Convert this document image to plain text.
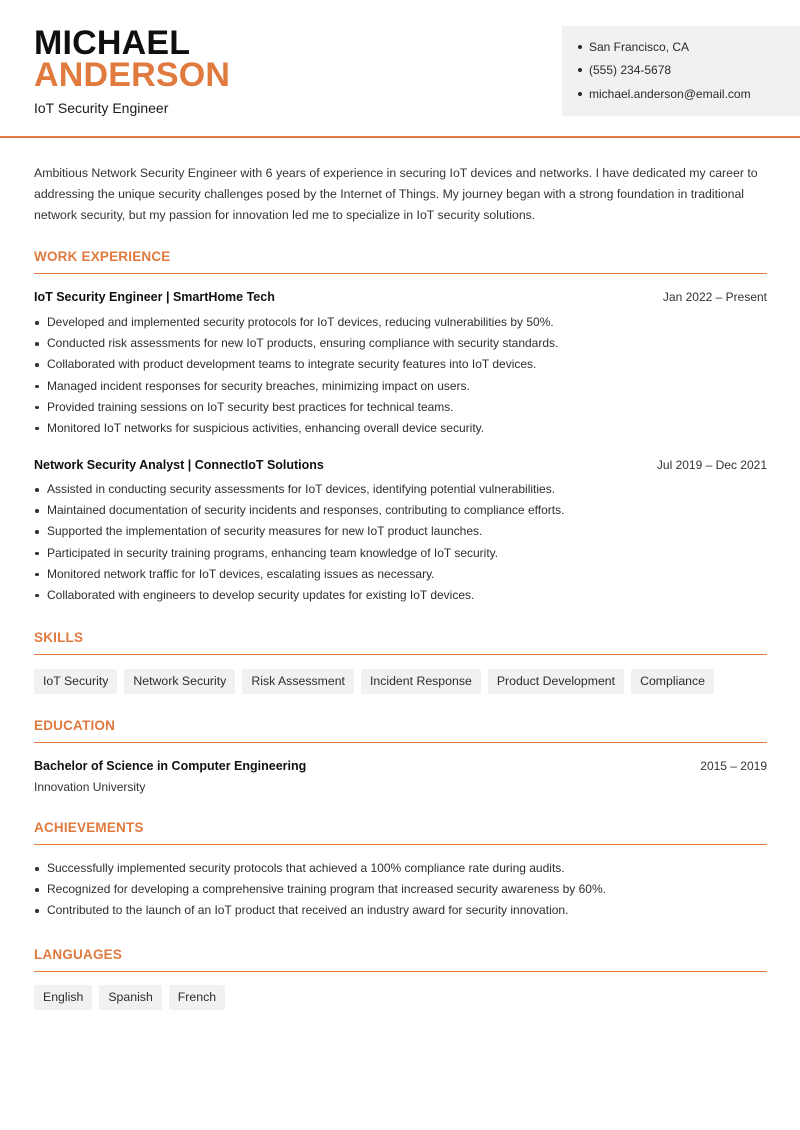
MICHAEL
ANDERSON
IoT Security Engineer
San Francisco, CA
(555) 234-5678
michael.anderson@email.com
Ambitious Network Security Engineer with 6 years of experience in securing IoT devices and networks. I have dedicated my career to addressing the unique security challenges posed by the Internet of Things. My journey began with a strong foundation in traditional network security, but my passion for innovation led me to specialize in IoT security solutions.
WORK EXPERIENCE
IoT Security Engineer | SmartHome Tech	Jan 2022 – Present
Developed and implemented security protocols for IoT devices, reducing vulnerabilities by 50%.
Conducted risk assessments for new IoT products, ensuring compliance with security standards.
Collaborated with product development teams to integrate security features into IoT devices.
Managed incident responses for security breaches, minimizing impact on users.
Provided training sessions on IoT security best practices for technical teams.
Monitored IoT networks for suspicious activities, enhancing overall device security.
Network Security Analyst | ConnectIoT Solutions	Jul 2019 – Dec 2021
Assisted in conducting security assessments for IoT devices, identifying potential vulnerabilities.
Maintained documentation of security incidents and responses, contributing to compliance efforts.
Supported the implementation of security measures for new IoT product launches.
Participated in security training programs, enhancing team knowledge of IoT security.
Monitored network traffic for IoT devices, escalating issues as necessary.
Collaborated with engineers to develop security updates for existing IoT devices.
SKILLS
IoT Security	Network Security	Risk Assessment	Incident Response	Product Development	Compliance
EDUCATION
Bachelor of Science in Computer Engineering	2015 – 2019
Innovation University
ACHIEVEMENTS
Successfully implemented security protocols that achieved a 100% compliance rate during audits.
Recognized for developing a comprehensive training program that increased security awareness by 60%.
Contributed to the launch of an IoT product that received an industry award for security innovation.
LANGUAGES
English	Spanish	French
